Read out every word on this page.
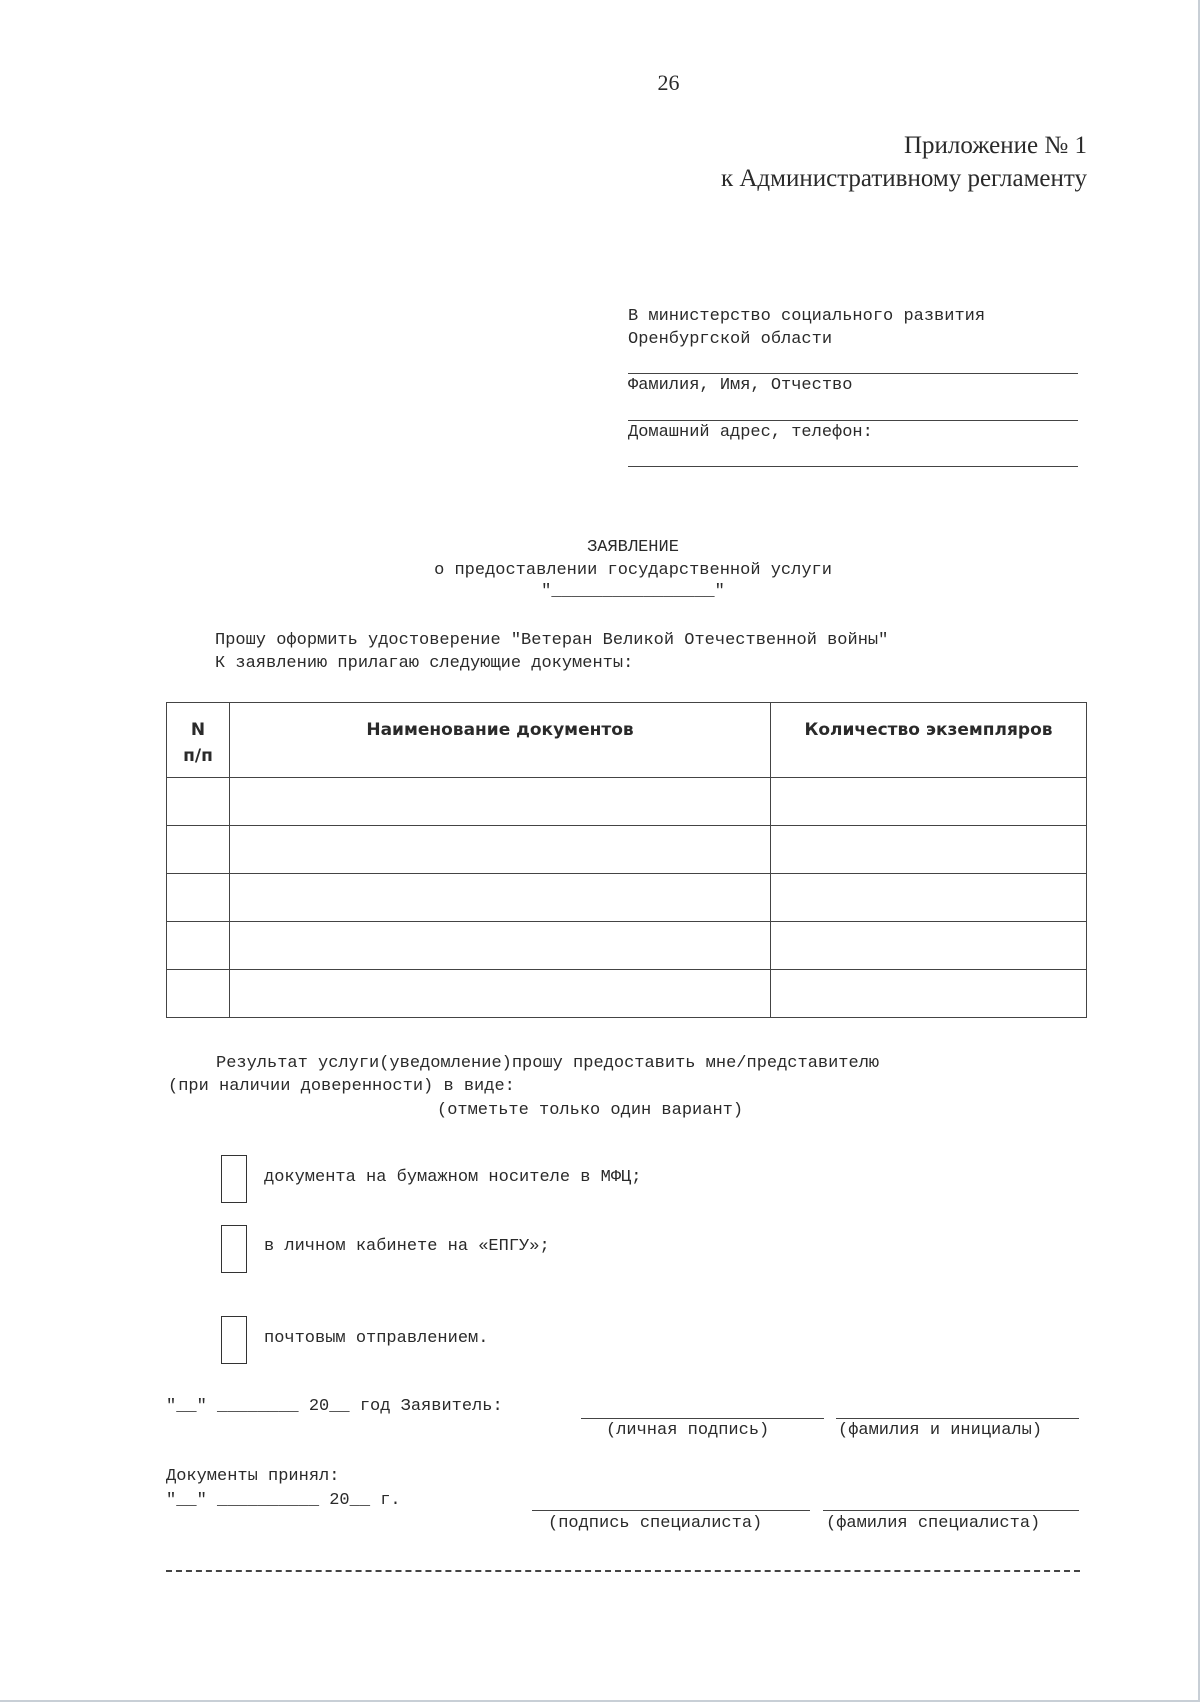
26
Приложение № 1
к Административному регламенту
В министерство социального развития
Оренбургской области
Фамилия, Имя, Отчество
Домашний адрес, телефон:
ЗАЯВЛЕНИЕ
о предоставлении государственной услуги
"________________"
Прошу оформить удостоверение "Ветеран Великой Отечественной войны"
К заявлению прилагаю следующие документы:
N
п/п	Наименование документов	Количество экземпляров

Результат услуги(уведомление)прошу предоставить мне/представителю
(при наличии доверенности) в виде:
(отметьте только один вариант)
документа на бумажном носителе в МФЦ;
в личном кабинете на «ЕПГУ»;
почтовым отправлением.
"__" ________ 20__ год Заявитель:
(личная подпись)	(фамилия и инициалы)
Документы принял:
"__" __________ 20__ г.
(подпись специалиста)	(фамилия специалиста)
